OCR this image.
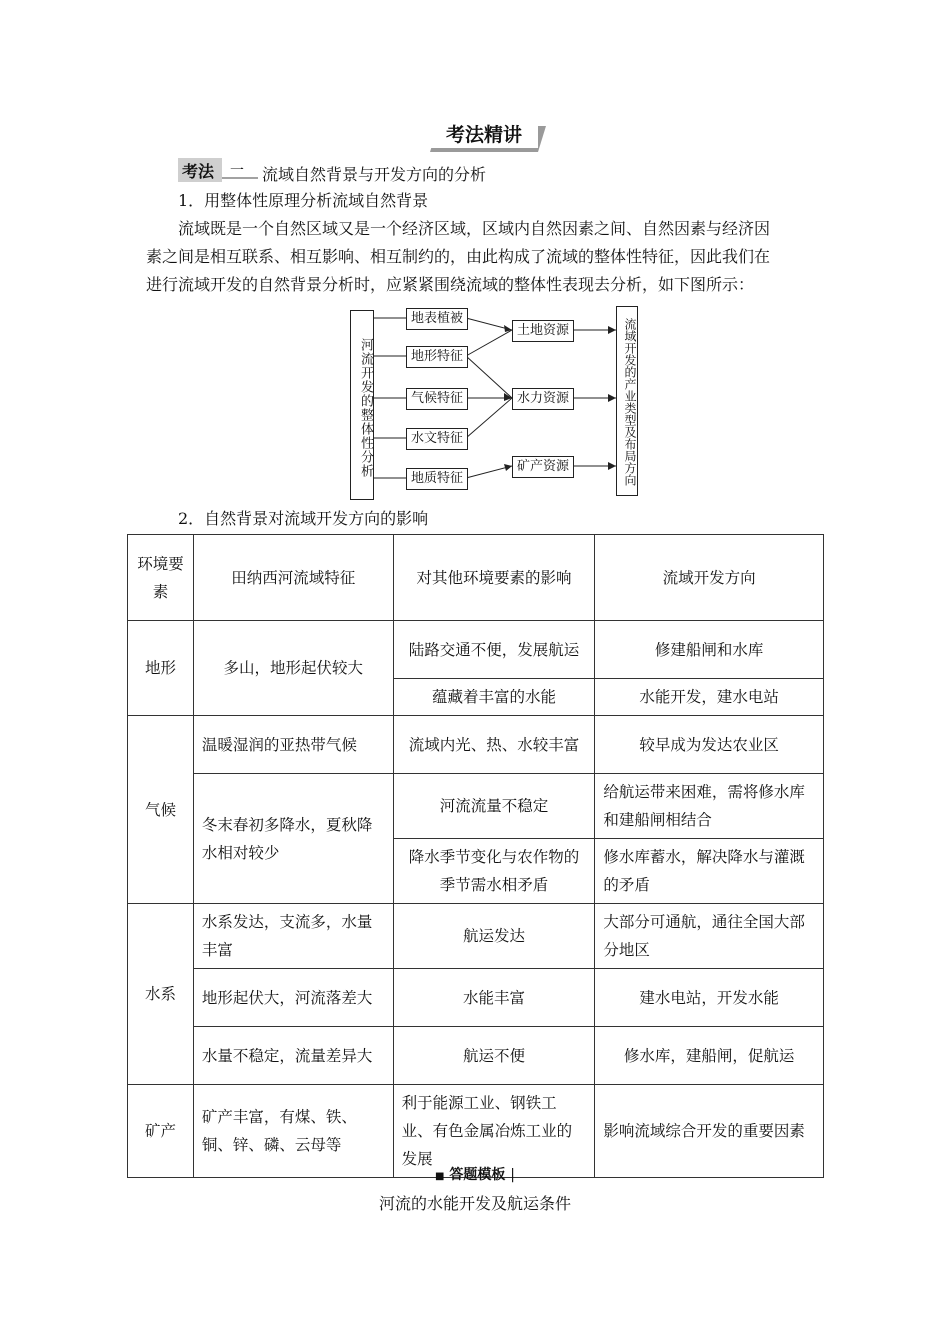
考法精讲
考法 一 流域自然背景与开发方向的分析
1．用整体性原理分析流域自然背景
流域既是一个自然区域又是一个经济区域，区域内自然因素之间、自然因素与经济因
素之间是相互联系、相互影响、相互制约的，由此构成了流域的整体性特征，因此我们在
进行流域开发的自然背景分析时，应紧紧围绕流域的整体性表现去分析，如下图所示：
河流开发的整体性分析
地表植被
地形特征
气候特征
水文特征
地质特征
土地资源
水力资源
矿产资源	流域开发的产业类型及布局方向
2．自然背景对流域开发方向的影响
环境要素	田纳西河流域特征	对其他环境要素的影响	流域开发方向
地形	多山，地形起伏较大	陆路交通不便，发展航运	修建船闸和水库
		蕴藏着丰富的水能	水能开发，建水电站
气候	温暖湿润的亚热带气候	流域内光、热、水较丰富	较早成为发达农业区
	冬末春初多降水，夏秋降水相对较少	河流流量不稳定	给航运带来困难，需将修水库和建船闸相结合
		降水季节变化与农作物的季节需水相矛盾	修水库蓄水，解决降水与灌溉的矛盾
水系	水系发达，支流多，水量丰富	航运发达	大部分可通航，通往全国大部分地区
	地形起伏大，河流落差大	水能丰富	建水电站，开发水能
	水量不稳定，流量差异大	航运不便	修水库，建船闸，促航运
矿产	矿产丰富，有煤、铁、铜、锌、磷、云母等	利于能源工业、钢铁工业、有色金属冶炼工业的发展	影响流域综合开发的重要因素
■ 答题模板 |
河流的水能开发及航运条件
